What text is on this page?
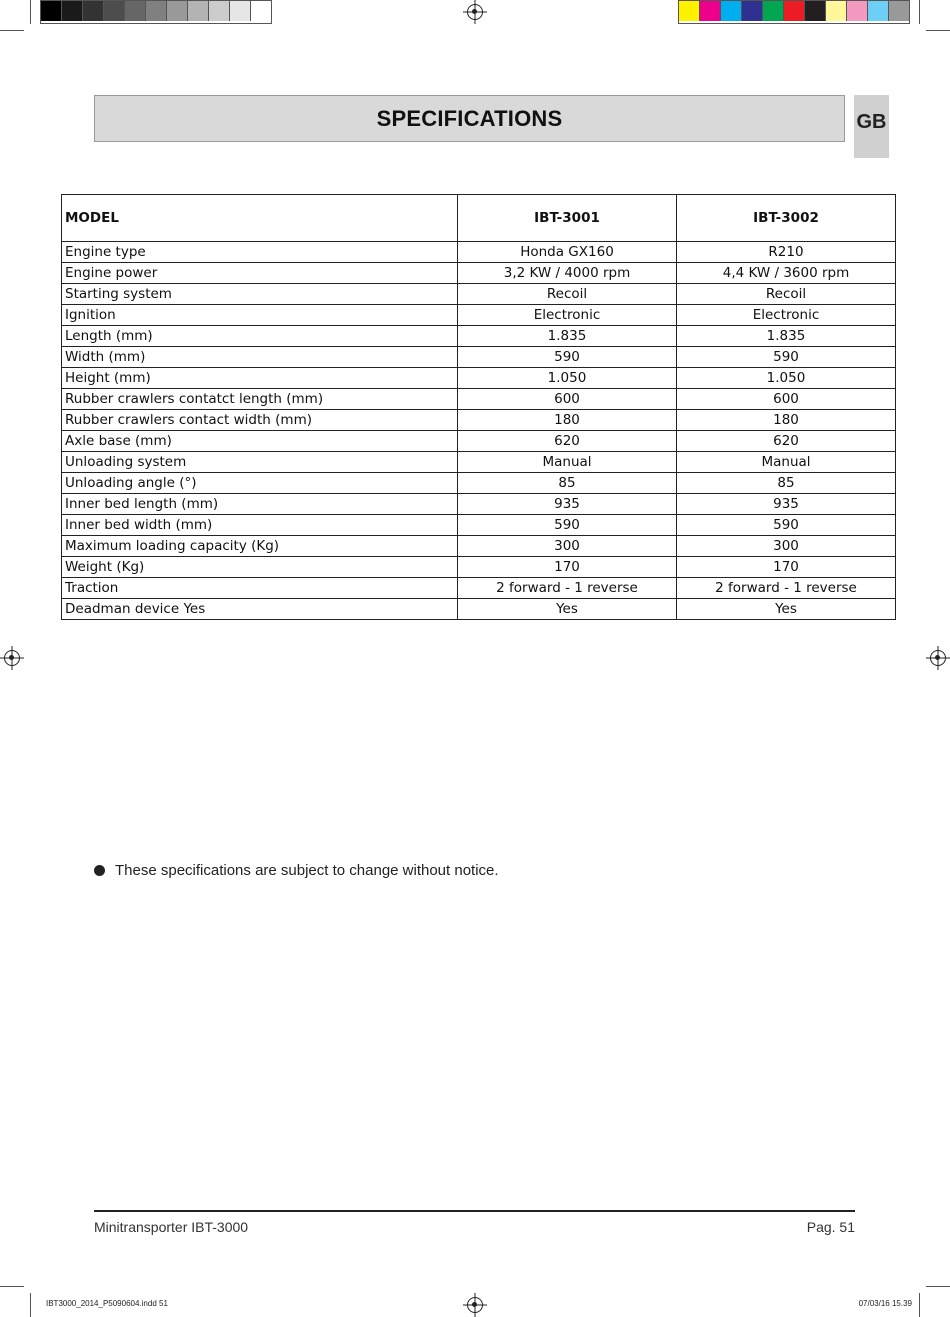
SPECIFICATIONS	GB
MODEL	IBT-3001	IBT-3002
Engine type	Honda GX160	R210
Engine power	3,2 KW / 4000 rpm	4,4 KW / 3600 rpm
Starting system	Recoil	Recoil
Ignition	Electronic	Electronic
Length (mm)	1.835	1.835
Width (mm)	590	590
Height (mm)	1.050	1.050
Rubber crawlers contatct length (mm)	600	600
Rubber crawlers contact width (mm)	180	180
Axle base (mm)	620	620
Unloading system	Manual	Manual
Unloading angle (°)	85	85
Inner bed length (mm)	935	935
Inner bed width (mm)	590	590
Maximum loading capacity (Kg)	300	300
Weight (Kg)	170	170
Traction	2 forward - 1 reverse	2 forward - 1 reverse
Deadman device Yes	Yes	Yes
These specifications are subject to change without notice.
Minitransporter IBT-3000	Pag. 51
IBT3000_2014_P5090604.indd 51	07/03/16 15.39
